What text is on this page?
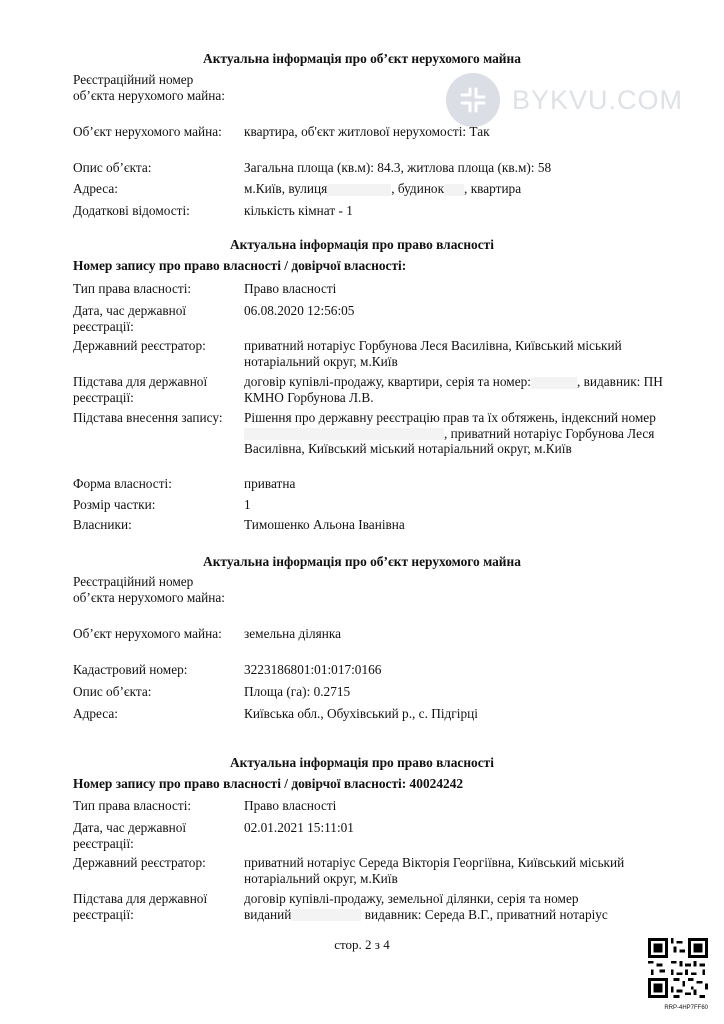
BYKVU.COM
Актуальна інформація про об’єкт нерухомого майна
Реєстраційний номер об’єкта нерухомого майна:
Об’єкт нерухомого майна:	квартира, об'єкт житлової нерухомості: Так
Опис об’єкта:	Загальна площа (кв.м): 84.3, житлова площа (кв.м): 58
Адреса:	м.Київ, вулиця	, будинок , квартира
Додаткові відомості:	кількість кімнат - 1
Актуальна інформація про право власності
Номер запису про право власності / довірчої власності:
Тип права власності:	Право власності
Дата, час державної реєстрації:
06.08.2020 12:56:05
Державний реєстратор:	приватний нотаріус Горбунова Леся Василівна, Київський міський нотаріальний округ, м.Київ
Підстава для державної реєстрації:
договір купівлі-продажу, квартири, серія та номер:	, видавник: ПН КМНО Горбунова Л.В.
Підстава внесення запису:	Рішення про державну реєстрацію прав та їх обтяжень, індексний номер, приватний нотаріус Горбунова Леся Василівна, Київський міський нотаріальний округ, м.Київ
Форма власності:	приватна
Розмір частки:	1
Власники:	Тимошенко Альона Іванівна
Актуальна інформація про об’єкт нерухомого майна
Реєстраційний номер об’єкта нерухомого майна:
Об’єкт нерухомого майна:	земельна ділянка
Кадастровий номер:	3223186801:01:017:0166
Опис об’єкта:	Площа (га): 0.2715
Адреса:	Київська обл., Обухівський р., с. Підгірці
Актуальна інформація про право власності
Номер запису про право власності / довірчої власності: 40024242
Тип права власності:	Право власності
Дата, час державної реєстрації:
02.01.2021 15:11:01
Державний реєстратор:	приватний нотаріус Середа Вікторія Георгіївна, Київський міський нотаріальний округ, м.Київ
Підстава для державної реєстрації:
договір купівлі-продажу, земельної ділянки, серія та номер
виданий	видавник: Середа В.Г., приватний нотаріус
стор. 2 з 4
RRP-4HP7FF60
